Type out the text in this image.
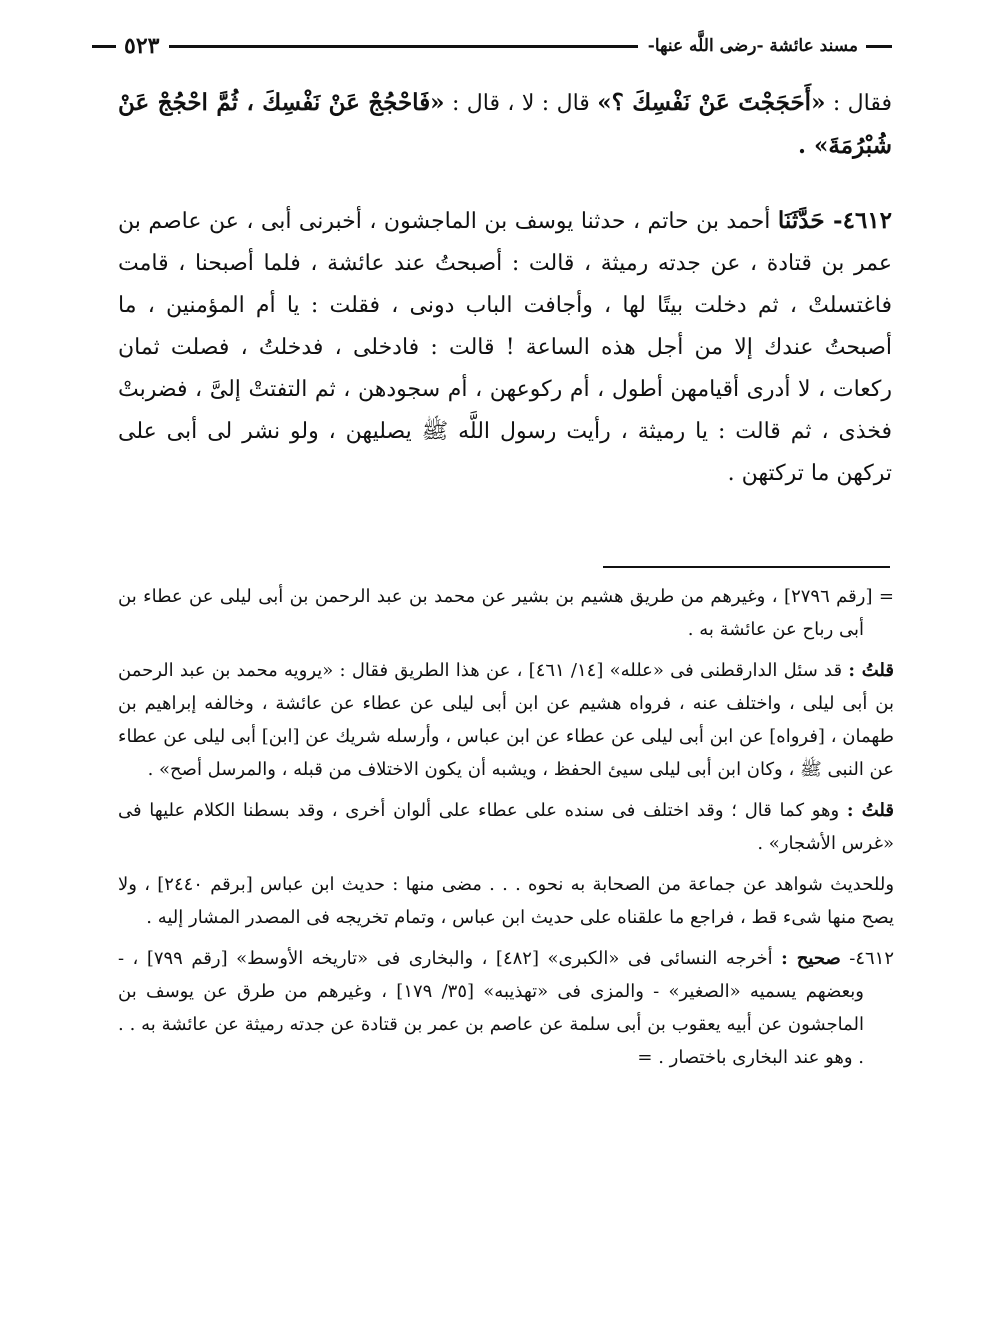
مسند عائشة -رضى اللَّه عنها-
٥٢٣

فقال : «أَحَجَجْتَ عَنْ نَفْسِكَ ؟» قال : لا ، قال : «فَاحْجُجْ عَنْ نَفْسِكَ ، ثُمَّ احْجُجْ عَنْ شُبْرُمَةَ» .

٤٦١٢- حَدَّثَنَا أحمد بن حاتم ، حدثنا يوسف بن الماجشون ، أخبرنى أبى ، عن عاصم بن عمر بن قتادة ، عن جدته رميثة ، قالت : أصبحتُ عند عائشة ، فلما أصبحنا ، قامت فاغتسلتْ ، ثم دخلت بيتًا لها ، وأجافت الباب دونى ، فقلت : يا أم المؤمنين ، ما أصبحتُ عندك إلا من أجل هذه الساعة ! قالت : فادخلى ، فدخلتُ ، فصلت ثمان ركعات ، لا أدرى أقيامهن أطول ، أم ركوعهن ، أم سجودهن ، ثم التفتتْ إلىَّ ، فضربتْ فخذى ، ثم قالت : يا رميثة ، رأيت رسول اللَّه ﷺ يصليهن ، ولو نشر لى أبى على تركهن ما تركتهن .

= [رقم ٢٧٩٦] ، وغيرهم من طريق هشيم بن بشير عن محمد بن عبد الرحمن بن أبى ليلى عن عطاء بن أبى رباح عن عائشة به .

قلتُ : قد سئل الدارقطنى فى «علله» [١٤/ ٤٦١] ، عن هذا الطريق فقال : «يرويه محمد بن عبد الرحمن بن أبى ليلى ، واختلف عنه ، فرواه هشيم عن ابن أبى ليلى عن عطاء عن عائشة ، وخالفه إبراهيم بن طهمان ، [فرواه] عن ابن أبى ليلى عن عطاء عن ابن عباس ، وأرسله شريك عن [ابن] أبى ليلى عن عطاء عن النبى ﷺ ، وكان ابن أبى ليلى سيئ الحفظ ، ويشبه أن يكون الاختلاف من قبله ، والمرسل أصح» .

قلتُ : وهو كما قال ؛ وقد اختلف فى سنده على عطاء على ألوان أخرى ، وقد بسطنا الكلام عليها فى «غرس الأشجار» .

وللحديث شواهد عن جماعة من الصحابة به نحوه . . . مضى منها : حديث ابن عباس [برقم ٢٤٤٠] ، ولا يصح منها شىء قط ، فراجع ما علقناه على حديث ابن عباس ، وتمام تخريجه فى المصدر المشار إليه .

٤٦١٢- صحيح : أخرجه النسائى فى «الكبرى» [٤٨٢] ، والبخارى فى «تاريخه الأوسط» [رقم ٧٩٩] ، - وبعضهم يسميه «الصغير» - والمزى فى «تهذيبه» [٣٥/ ١٧٩] ، وغيرهم من طرق عن يوسف بن الماجشون عن أبيه يعقوب بن أبى سلمة عن عاصم بن عمر بن قتادة عن جدته رميثة عن عائشة به . . . وهو عند البخارى باختصار . =
